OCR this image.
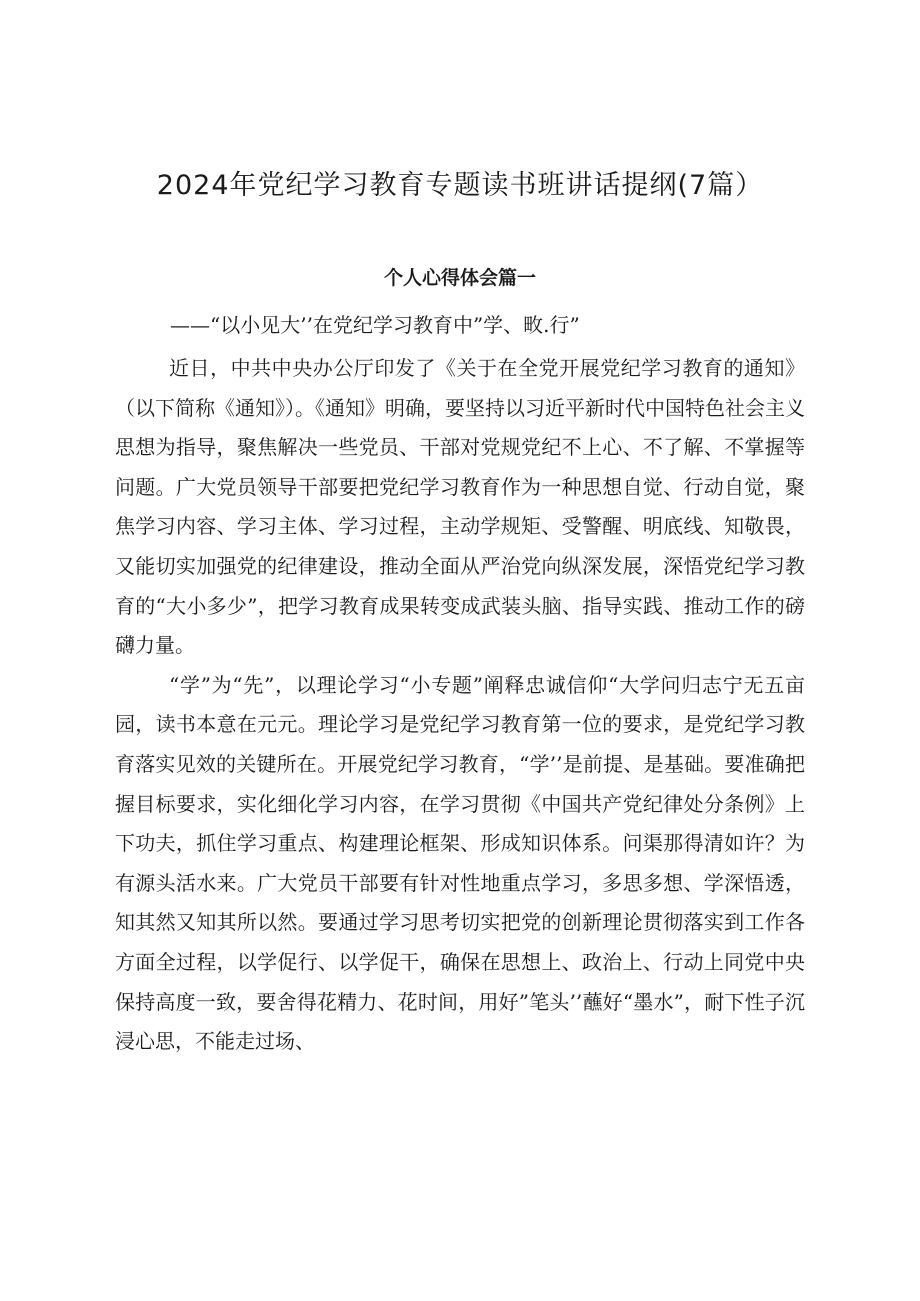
2024年党纪学习教育专题读书班讲话提纲(7篇）
个人心得体会篇一

——“以小见大’’在党纪学习教育中”学、畋.行”

近日，中共中央办公厅印发了《关于在全党开展党纪学习教育的通知》（以下简称《通知》）。《通知》明确，要坚持以习近平新时代中国特色社会主义思想为指导，聚焦解决一些党员、干部对党规党纪不上心、不了解、不掌握等问题。广大党员领导干部要把党纪学习教育作为一种思想自觉、行动自觉，聚焦学习内容、学习主体、学习过程，主动学规矩、受警醒、明底线、知敬畏，又能切实加强党的纪律建设，推动全面从严治党向纵深发展，深悟党纪学习教育的“大小多少”，把学习教育成果转变成武装头脑、指导实践、推动工作的磅礴力量。

“学”为“先”，以理论学习“小专题”阐释忠诚信仰“大学问归志宁无五亩园，读书本意在元元。理论学习是党纪学习教育第一位的要求，是党纪学习教育落实见效的关键所在。开展党纪学习教育，“学’’是前提、是基础。要准确把握目标要求，实化细化学习内容，在学习贯彻《中国共产党纪律处分条例》上下功夫，抓住学习重点、构建理论框架、形成知识体系。问渠那得清如许？为有源头活水来。广大党员干部要有针对性地重点学习，多思多想、学深悟透，知其然又知其所以然。要通过学习思考切实把党的创新理论贯彻落实到工作各方面全过程，以学促行、以学促干，确保在思想上、政治上、行动上同党中央保持高度一致，要舍得花精力、花时间，用好”笔头’’蘸好“墨水”，耐下性子沉浸心思，不能走过场、
